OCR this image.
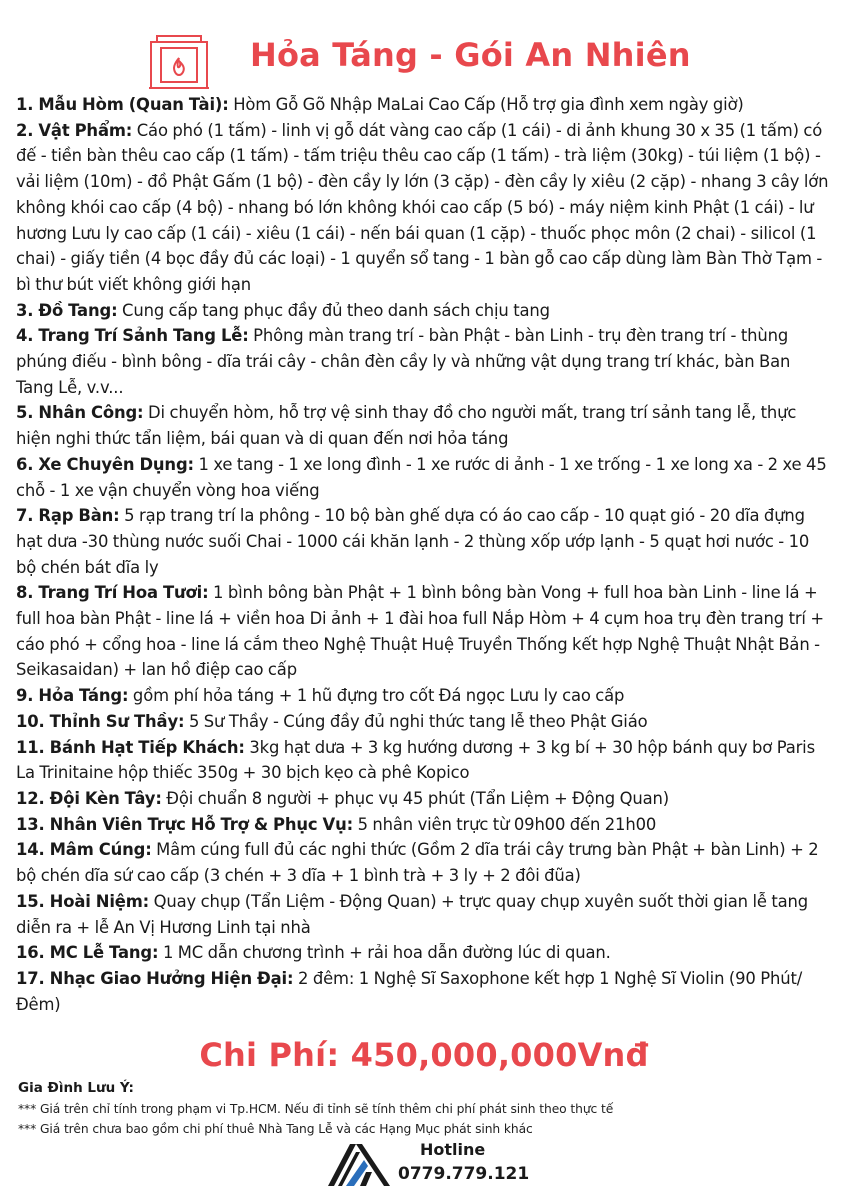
Hỏa Táng - Gói An Nhiên

1. Mẫu Hòm (Quan Tài): Hòm Gỗ Gõ Nhập MaLai Cao Cấp (Hỗ trợ gia đình xem ngày giờ)

2. Vật Phẩm: Cáo phó (1 tấm) - linh vị gỗ dát vàng cao cấp (1 cái) - di ảnh khung 30 x 35 (1 tấm) có đế - tiền bàn thêu cao cấp (1 tấm) - tấm triệu thêu cao cấp (1 tấm) - trà liệm (30kg) - túi liệm (1 bộ) - vải liệm (10m) - đồ Phật Gấm (1 bộ) - đèn cầy ly lớn (3 cặp) - đèn cầy ly xiêu (2 cặp) - nhang 3 cây lớn không khói cao cấp (4 bộ) - nhang bó lớn không khói cao cấp (5 bó) - máy niệm kinh Phật (1 cái) - lư hương Lưu ly cao cấp (1 cái) - xiêu (1 cái) - nến bái quan (1 cặp) - thuốc phọc môn (2 chai) - silicol (1 chai) - giấy tiền (4 bọc đầy đủ các loại) - 1 quyển sổ tang - 1 bàn gỗ cao cấp dùng làm Bàn Thờ Tạm - bì thư bút viết không giới hạn

3. Đồ Tang: Cung cấp tang phục đầy đủ theo danh sách chịu tang

4. Trang Trí Sảnh Tang Lễ: Phông màn trang trí - bàn Phật - bàn Linh - trụ đèn trang trí - thùng phúng điếu - bình bông - dĩa trái cây - chân đèn cầy ly và những vật dụng trang trí khác, bàn Ban Tang Lễ, v.v...

5. Nhân Công: Di chuyển hòm, hỗ trợ vệ sinh thay đồ cho người mất, trang trí sảnh tang lễ, thực hiện nghi thức tẩn liệm, bái quan và di quan đến nơi hỏa táng

6. Xe Chuyên Dụng: 1 xe tang - 1 xe long đình - 1 xe rước di ảnh - 1 xe trống - 1 xe long xa - 2 xe 45 chỗ - 1 xe vận chuyển vòng hoa viếng

7. Rạp Bàn: 5 rạp trang trí la phông - 10 bộ bàn ghế dựa có áo cao cấp - 10 quạt gió - 20 dĩa đựng hạt dưa -30 thùng nước suối Chai - 1000 cái khăn lạnh - 2 thùng xốp ướp lạnh - 5 quạt hơi nước - 10 bộ chén bát dĩa ly

8. Trang Trí Hoa Tươi: 1 bình bông bàn Phật + 1 bình bông bàn Vong + full hoa bàn Linh - line lá + full hoa bàn Phật - line lá + viền hoa Di ảnh + 1 đài hoa full Nắp Hòm + 4 cụm hoa trụ đèn trang trí + cáo phó + cổng hoa - line lá cắm theo Nghệ Thuật Huệ Truyền Thống kết hợp Nghệ Thuật Nhật Bản - Seikasaidan) + lan hồ điệp cao cấp

9. Hỏa Táng: gồm phí hỏa táng + 1 hũ đựng tro cốt Đá ngọc Lưu ly cao cấp

10. Thỉnh Sư Thầy: 5 Sư Thầy - Cúng đầy đủ nghi thức tang lễ theo Phật Giáo

11. Bánh Hạt Tiếp Khách: 3kg hạt dưa + 3 kg hướng dương + 3 kg bí + 30 hộp bánh quy bơ Paris La Trinitaine hộp thiếc 350g + 30 bịch kẹo cà phê Kopico

12. Đội Kèn Tây: Đội chuẩn 8 người + phục vụ 45 phút (Tẩn Liệm + Động Quan)

13. Nhân Viên Trực Hỗ Trợ & Phục Vụ: 5 nhân viên trực từ 09h00 đến 21h00

14. Mâm Cúng: Mâm cúng full đủ các nghi thức (Gồm 2 dĩa trái cây trưng bàn Phật + bàn Linh) + 2 bộ chén dĩa sứ cao cấp (3 chén + 3 dĩa + 1 bình trà + 3 ly + 2 đôi đũa)

15. Hoài Niệm: Quay chụp (Tẩn Liệm - Động Quan) + trực quay chụp xuyên suốt thời gian lễ tang diễn ra + lễ An Vị Hương Linh tại nhà

16. MC Lễ Tang: 1 MC dẫn chương trình + rải hoa dẫn đường lúc di quan.

17. Nhạc Giao Hưởng Hiện Đại: 2 đêm: 1 Nghệ Sĩ Saxophone kết hợp 1 Nghệ Sĩ Violin (90 Phút/Đêm)

Chi Phí: 450,000,000Vnđ
Gia Đình Lưu Ý:
*** Giá trên chỉ tính trong phạm vi Tp.HCM. Nếu đi tỉnh sẽ tính thêm chi phí phát sinh theo thực tế
*** Giá trên chưa bao gồm chi phí thuê Nhà Tang Lễ và các Hạng Mục phát sinh khác
Hotline
0779.779.121
